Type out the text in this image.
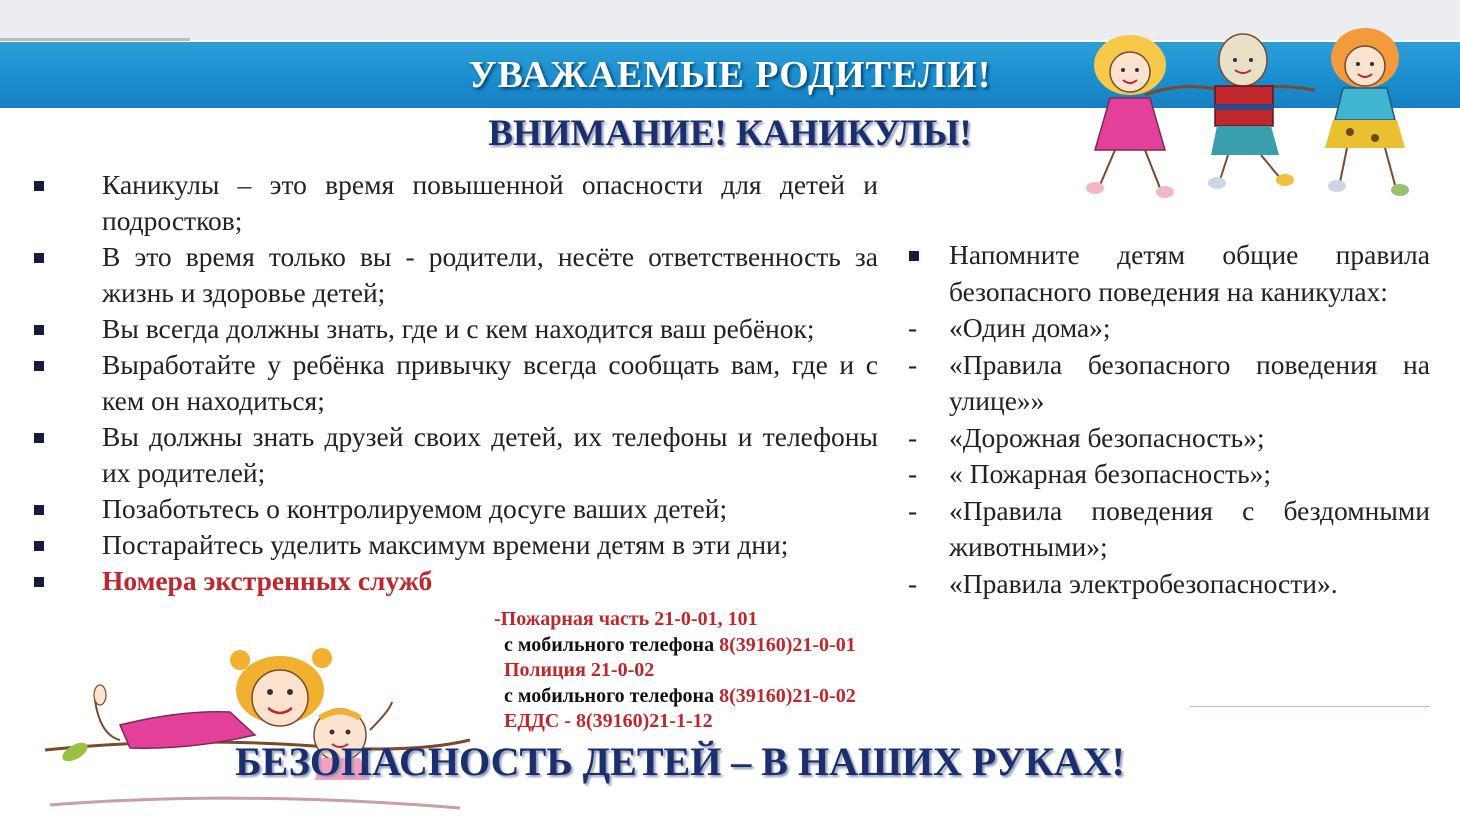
УВАЖАЕМЫЕ РОДИТЕЛИ!
ВНИМАНИЕ! КАНИКУЛЫ!
Каникулы – это время повышенной опасности для детей и подростков;
В это время только вы - родители, несёте ответственность за жизнь и здоровье детей;
Вы всегда должны знать, где и с кем находится ваш ребёнок;
Выработайте у ребёнка привычку всегда сообщать вам, где и с кем он находиться;
Вы должны знать друзей своих детей, их телефоны и телефоны их родителей;
Позаботьтесь о контролируемом досуге ваших детей;
Постарайтесь уделить максимум времени детям в эти дни;
Номера экстренных служб
-Пожарная часть 21-0-01, 101
с мобильного телефона 8(39160)21-0-01
Полиция 21-0-02
с мобильного телефона 8(39160)21-0-02
ЕДДС - 8(39160)21-1-12
Напомните детям общие правила безопасного поведения на каникулах:
- «Один дома»;
- «Правила безопасного поведения на улице»»
- «Дорожная безопасность»;
- « Пожарная безопасность»;
- «Правила поведения с бездомными животными»;
- «Правила электробезопасности».
БЕЗОПАСНОСТЬ ДЕТЕЙ – В НАШИХ РУКАХ!
